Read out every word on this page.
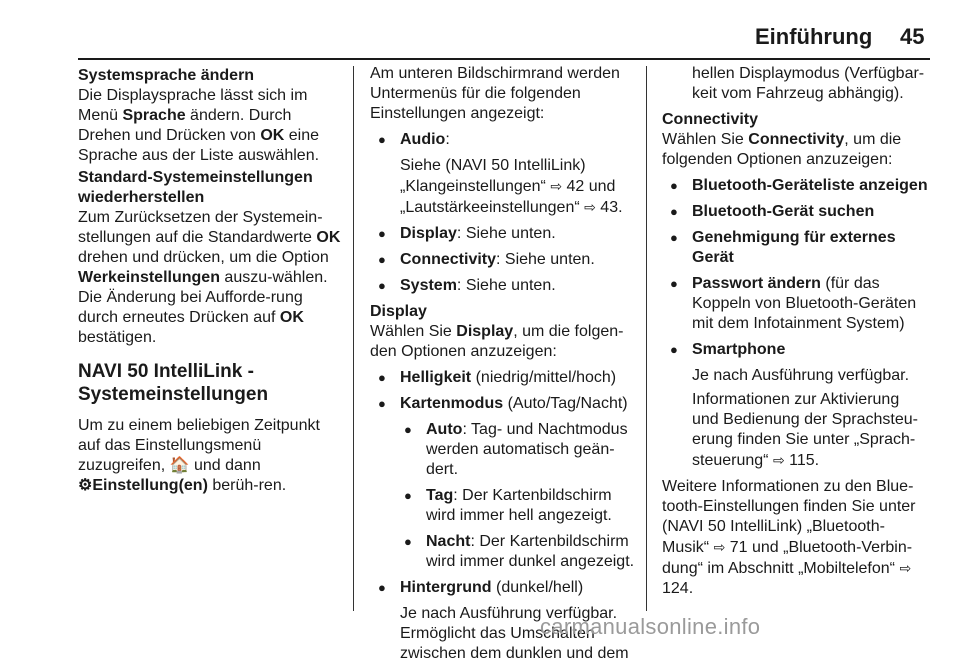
Einführung 45
Systemsprache ändern

Die Displaysprache lässt sich im Menü Sprache ändern. Durch Drehen und Drücken von OK eine Sprache aus der Liste auswählen.

Standard-Systemeinstellungen wiederherstellen

Zum Zurücksetzen der Systemein-stellungen auf die Standardwerte OK drehen und drücken, um die Option Werkeinstellungen auszu-wählen. Die Änderung bei Aufforde-rung durch erneutes Drücken auf OK bestätigen.

NAVI 50 IntelliLink - Systemeinstellungen

Um zu einem beliebigen Zeitpunkt auf das Einstellungsmenü zuzugreifen, 🏠 und dann ⚙Einstellung(en) berüh-ren.

Am unteren Bildschirmrand werden Untermenüs für die folgenden Einstellungen angezeigt:

● Audio:
Siehe (NAVI 50 IntelliLink) „Klangeinstellungen“ ⇨ 42 und „Lautstärkeeinstellungen“ ⇨ 43.
● Display: Siehe unten.
● Connectivity: Siehe unten.
● System: Siehe unten.
Display

Wählen Sie Display, um die folgen-den Optionen anzuzeigen:

● Helligkeit (niedrig/mittel/hoch)
● Kartenmodus (Auto/Tag/Nacht)
● Auto: Tag- und Nachtmodus werden automatisch geän-dert.
● Tag: Der Kartenbildschirm wird immer hell angezeigt.
● Nacht: Der Kartenbildschirm wird immer dunkel angezeigt.
● Hintergrund (dunkel/hell)
Je nach Ausführung verfügbar. Ermöglicht das Umschalten zwischen dem dunklen und dem
hellen Displaymodus (Verfügbar-keit vom Fahrzeug abhängig).
Connectivity

Wählen Sie Connectivity, um die folgenden Optionen anzuzeigen:

● Bluetooth-Geräteliste anzeigen
● Bluetooth-Gerät suchen
● Genehmigung für externes Gerät
● Passwort ändern (für das Koppeln von Bluetooth-Geräten mit dem Infotainment System)
● Smartphone
Je nach Ausführung verfügbar.
Informationen zur Aktivierung und Bedienung der Sprachsteu-erung finden Sie unter „Sprach-steuerung“ ⇨ 115.

Weitere Informationen zu den Blue-tooth-Einstellungen finden Sie unter (NAVI 50 IntelliLink) „Bluetooth-Musik“ ⇨ 71 und „Bluetooth-Verbin-dung“ im Abschnitt „Mobiltelefon“ ⇨ 124.

carmanualsonline.info
